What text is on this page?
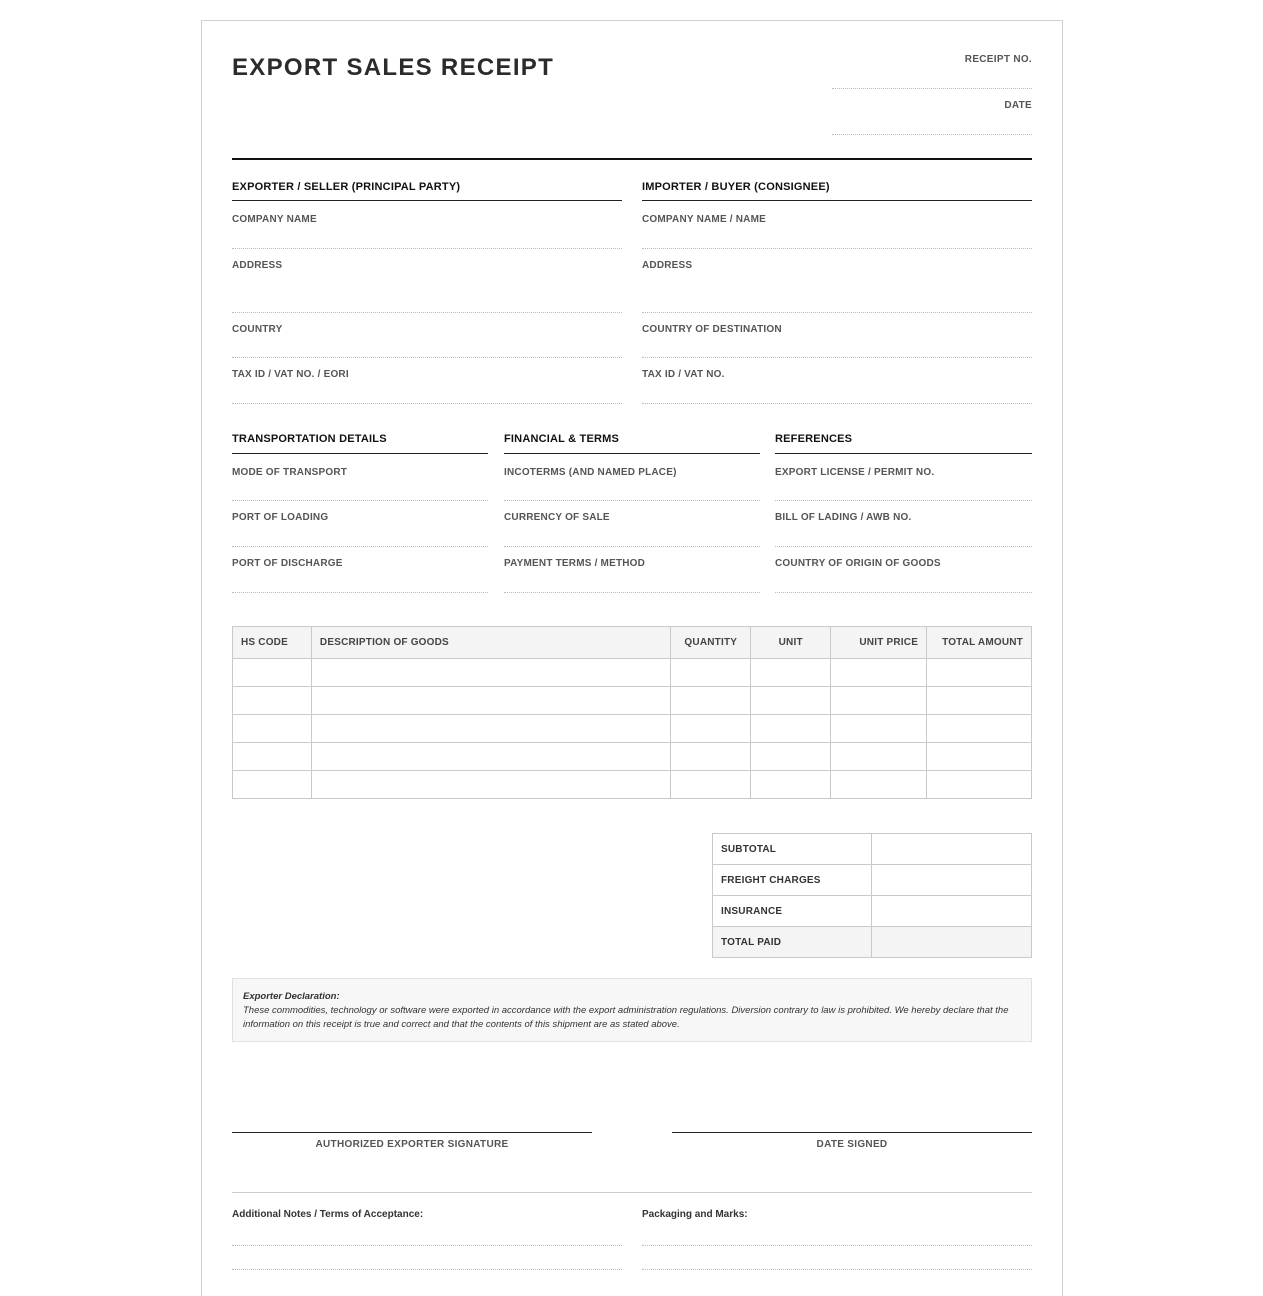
EXPORT SALES RECEIPT	RECEIPT NO.
DATE
EXPORTER / SELLER (PRINCIPAL PARTY)
COMPANY NAME
ADDRESS
COUNTRY
TAX ID / VAT NO. / EORI
IMPORTER / BUYER (CONSIGNEE)
COMPANY NAME / NAME
ADDRESS
COUNTRY OF DESTINATION
TAX ID / VAT NO.
TRANSPORTATION DETAILS
MODE OF TRANSPORT
PORT OF LOADING
PORT OF DISCHARGE
FINANCIAL & TERMS
INCOTERMS (AND NAMED PLACE)
CURRENCY OF SALE
PAYMENT TERMS / METHOD
REFERENCES
EXPORT LICENSE / PERMIT NO.
BILL OF LADING / AWB NO.
COUNTRY OF ORIGIN OF GOODS
HS CODE	DESCRIPTION OF GOODS	QUANTITY	UNIT	UNIT PRICE	TOTAL AMOUNT

SUBTOTAL	
FREIGHT CHARGES	
INSURANCE	
TOTAL PAID	
Exporter Declaration:
These commodities, technology or software were exported in accordance with the export administration regulations. Diversion contrary to law is prohibited. We hereby declare that the information on this receipt is true and correct and that the contents of this shipment are as stated above.
AUTHORIZED EXPORTER SIGNATURE	DATE SIGNED
Additional Notes / Terms of Acceptance:	Packaging and Marks:
